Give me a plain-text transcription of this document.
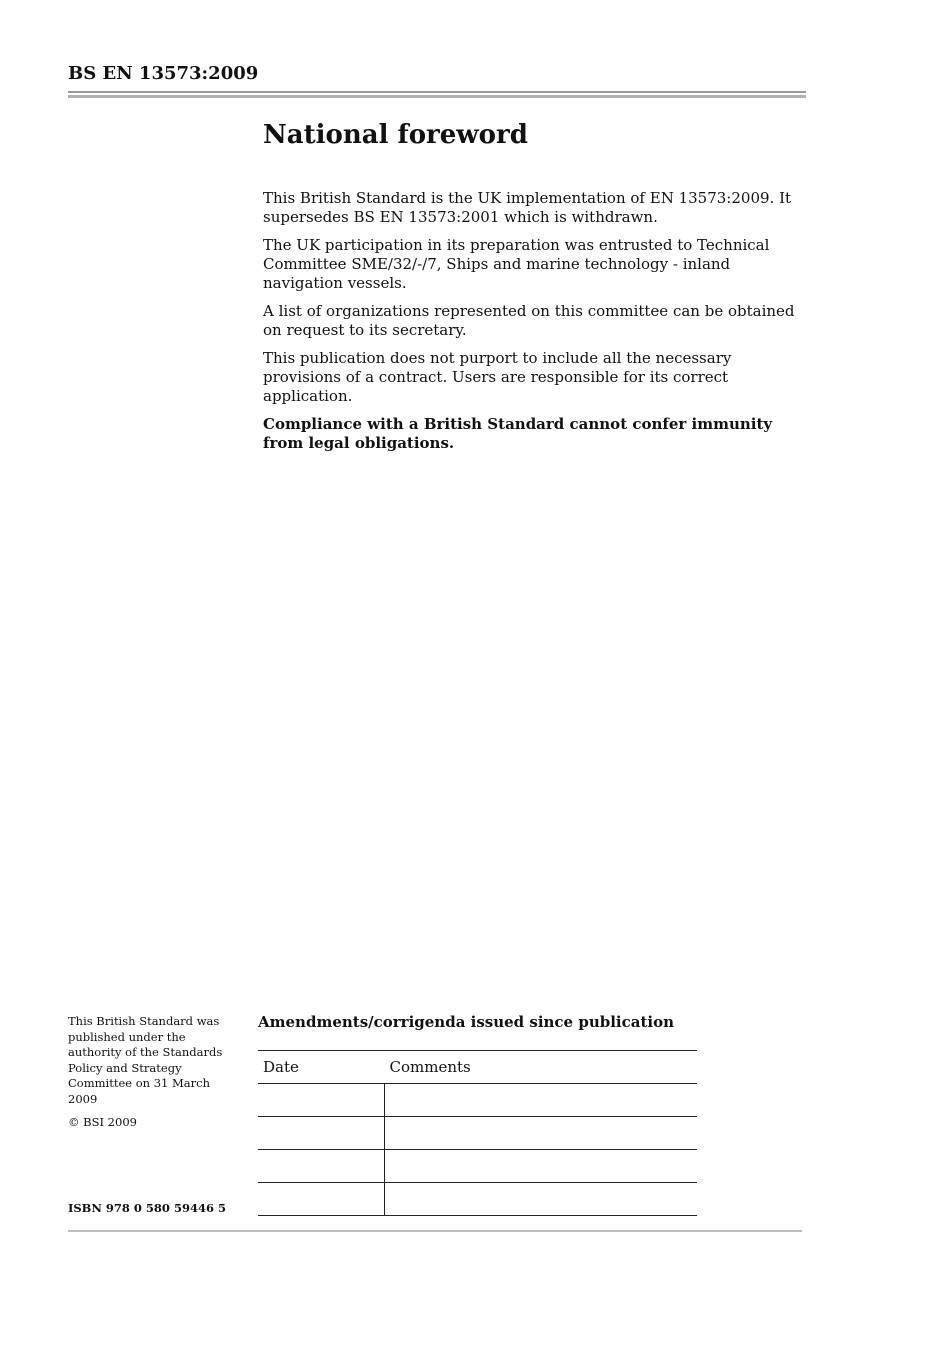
BS EN 13573:2009
National foreword

This British Standard is the UK implementation of EN 13573:2009. It supersedes BS EN 13573:2001 which is withdrawn.

The UK participation in its preparation was entrusted to Technical Committee SME/32/-/7, Ships and marine technology - inland navigation vessels.

A list of organizations represented on this committee can be obtained on request to its secretary.

This publication does not purport to include all the necessary provisions of a contract. Users are responsible for its correct application.

Compliance with a British Standard cannot confer immunity from legal obligations.

This British Standard was published under the authority of the Standards Policy and Strategy Committee on 31 March 2009

© BSI 2009

ISBN 978 0 580 59446 5
Amendments/corrigenda issued since publication
Date	Comments
